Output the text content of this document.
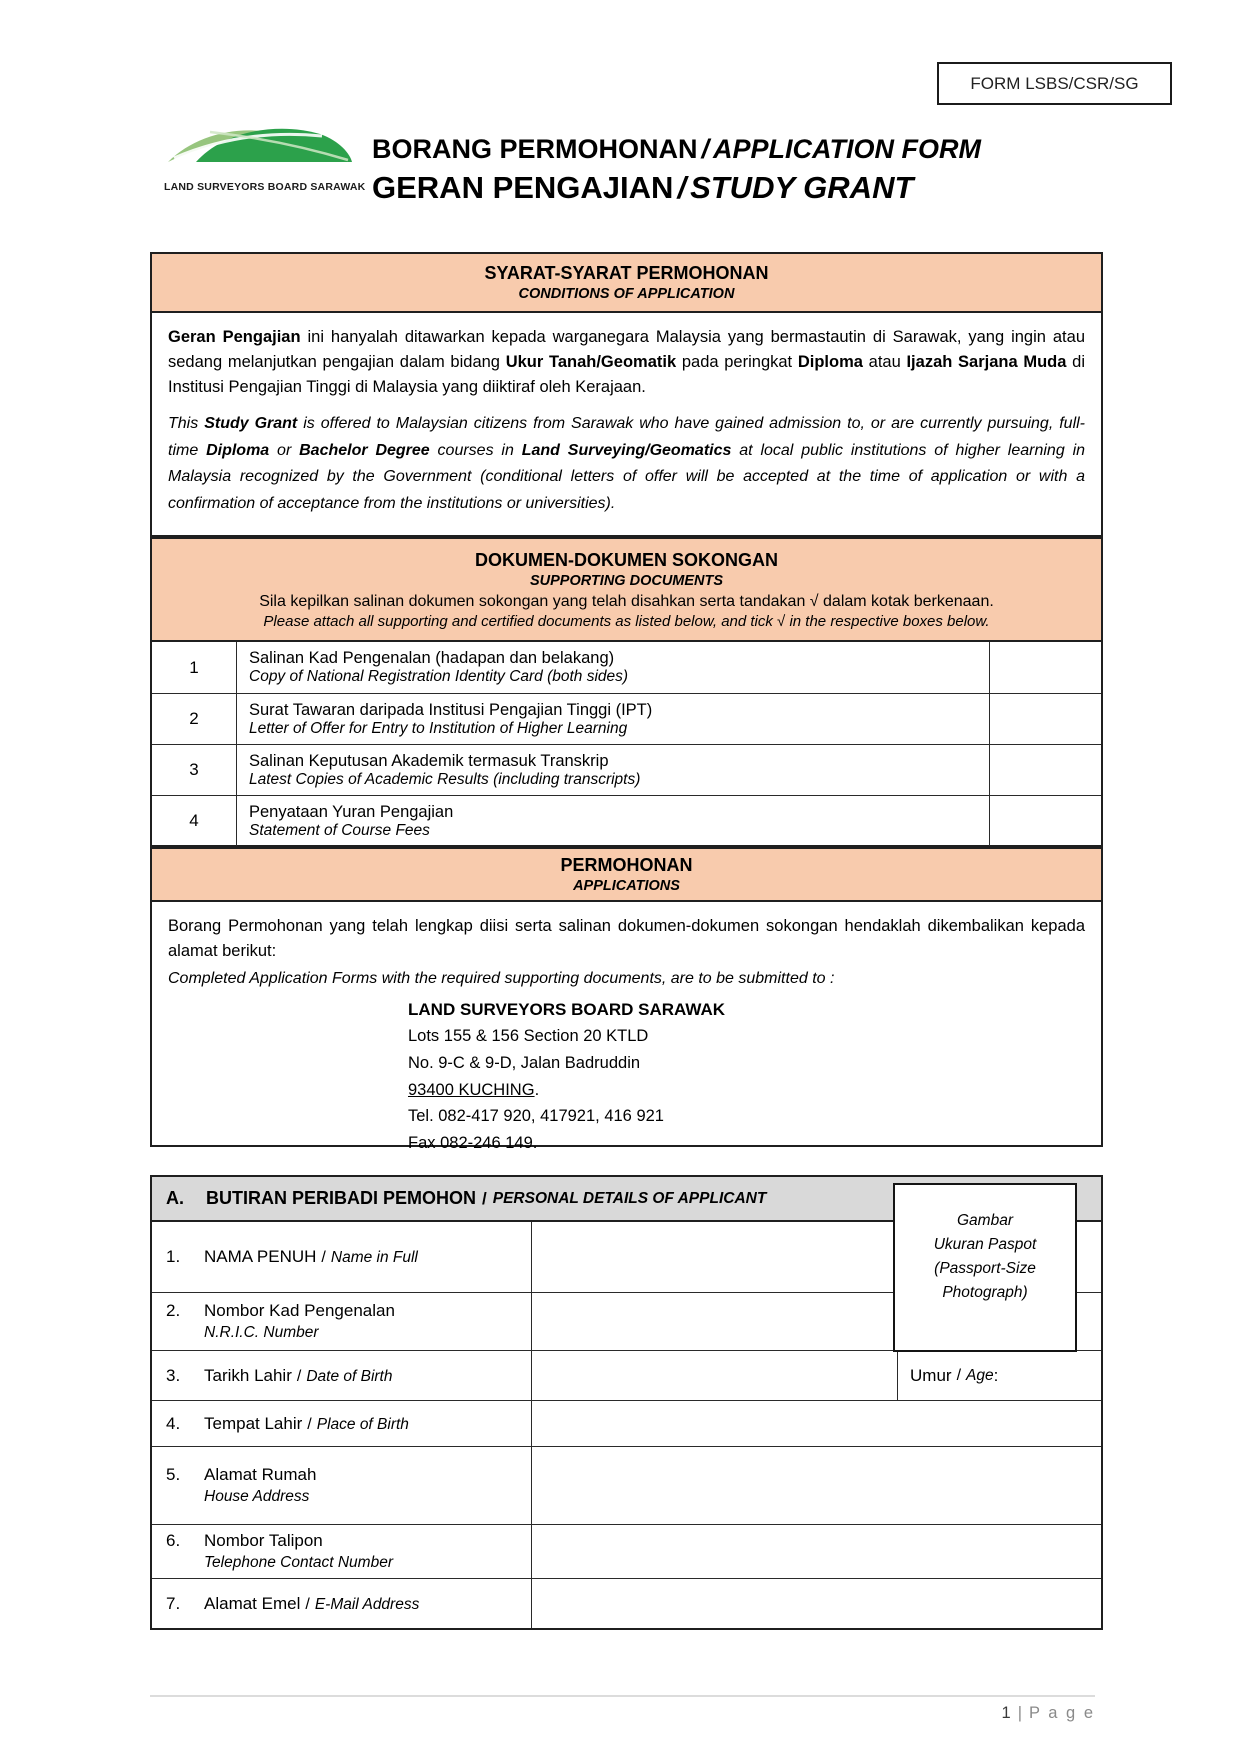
FORM LSBS/CSR/SG
LAND SURVEYORS BOARD SARAWAK
BORANG PERMOHONAN / APPLICATION FORM
GERAN PENGAJIAN / STUDY GRANT
SYARAT-SYARAT PERMOHONAN
CONDITIONS OF APPLICATION
Geran Pengajian ini hanyalah ditawarkan kepada warganegara Malaysia yang bermastautin di Sarawak, yang ingin atau sedang melanjutkan pengajian dalam bidang Ukur Tanah/Geomatik pada peringkat Diploma atau Ijazah Sarjana Muda di Institusi Pengajian Tinggi di Malaysia yang diiktiraf oleh Kerajaan.
This Study Grant is offered to Malaysian citizens from Sarawak who have gained admission to, or are currently pursuing, full-time Diploma or Bachelor Degree courses in Land Surveying/Geomatics at local public institutions of higher learning in Malaysia recognized by the Government (conditional letters of offer will be accepted at the time of application or with a confirmation of acceptance from the institutions or universities).
DOKUMEN-DOKUMEN SOKONGAN
SUPPORTING DOCUMENTS
Sila kepilkan salinan dokumen sokongan yang telah disahkan serta tandakan √ dalam kotak berkenaan.
Please attach all supporting and certified documents as listed below, and tick √ in the respective boxes below.
1	Salinan Kad Pengenalan (hadapan dan belakang)
Copy of National Registration Identity Card (both sides)
2	Surat Tawaran daripada Institusi Pengajian Tinggi (IPT)
Letter of Offer for Entry to Institution of Higher Learning
3	Salinan Keputusan Akademik termasuk Transkrip
Latest Copies of Academic Results (including transcripts)
4	Penyataan Yuran Pengajian
Statement of Course Fees
PERMOHONAN
APPLICATIONS
Borang Permohonan yang telah lengkap diisi serta salinan dokumen-dokumen sokongan hendaklah dikembalikan kepada alamat berikut:
Completed Application Forms with the required supporting documents, are to be submitted to :
LAND SURVEYORS BOARD SARAWAK
Lots 155 & 156 Section 20 KTLD
No. 9-C & 9-D, Jalan Badruddin
93400 KUCHING.
Tel. 082-417 920, 417921, 416 921
Fax 082-246 149.
A.	BUTIRAN PERIBADI PEMOHON / PERSONAL DETAILS OF APPLICANT
1.	NAMA PENUH / Name in Full
2.	Nombor Kad Pengenalan
N.R.I.C. Number
3.	Tarikh Lahir / Date of Birth	Umur / Age :
4.	Tempat Lahir / Place of Birth
5.	Alamat Rumah
House Address
6.	Nombor Talipon
Telephone Contact Number
7.	Alamat Emel / E-Mail Address
Gambar
Ukuran Paspot
(Passport-Size
Photograph)
1 | P a g e
